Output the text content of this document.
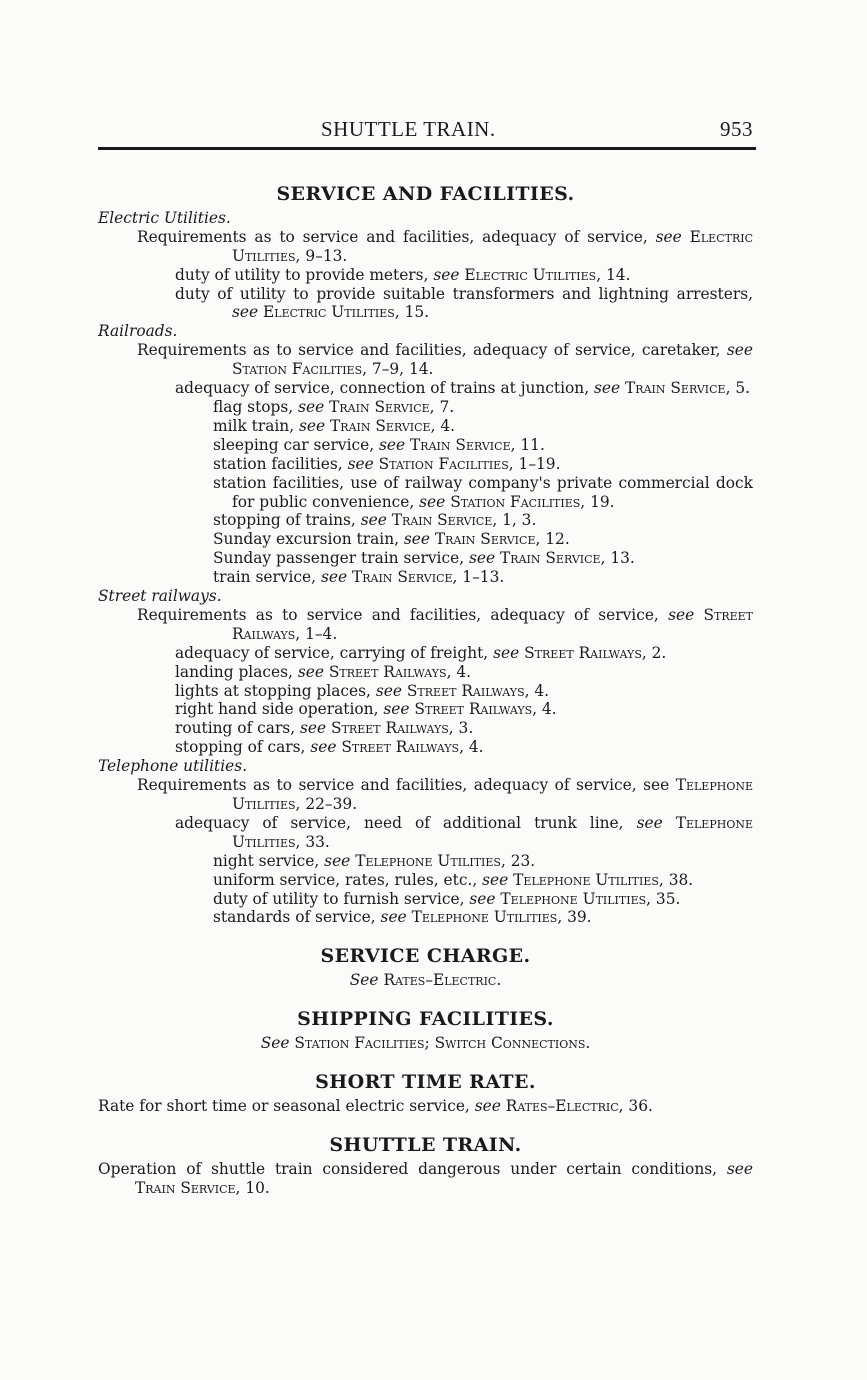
SHUTTLE TRAIN.	953
SERVICE AND FACILITIES.
Electric Utilities.
Requirements as to service and facilities, adequacy of service, see Electric Utilities, 9–13.
duty of utility to provide meters, see Electric Utilities, 14.
duty of utility to provide suitable transformers and lightning arresters, see Electric Utilities, 15.
Railroads.
Requirements as to service and facilities, adequacy of service, caretaker, see Station Facilities, 7–9, 14.
adequacy of service, connection of trains at junction, see Train Service, 5.
flag stops, see Train Service, 7.
milk train, see Train Service, 4.
sleeping car service, see Train Service, 11.
station facilities, see Station Facilities, 1–19.
station facilities, use of railway company's private commercial dock for public convenience, see Station Facilities, 19.
stopping of trains, see Train Service, 1, 3.
Sunday excursion train, see Train Service, 12.
Sunday passenger train service, see Train Service, 13.
train service, see Train Service, 1–13.
Street railways.
Requirements as to service and facilities, adequacy of service, see Street Railways, 1–4.
adequacy of service, carrying of freight, see Street Railways, 2.
landing places, see Street Railways, 4.
lights at stopping places, see Street Railways, 4.
right hand side operation, see Street Railways, 4.
routing of cars, see Street Railways, 3.
stopping of cars, see Street Railways, 4.
Telephone utilities.
Requirements as to service and facilities, adequacy of service, see Telephone Utilities, 22–39.
adequacy of service, need of additional trunk line, see Telephone Utilities, 33.
night service, see Telephone Utilities, 23.
uniform service, rates, rules, etc., see Telephone Utilities, 38.
duty of utility to furnish service, see Telephone Utilities, 35.
standards of service, see Telephone Utilities, 39.
SERVICE CHARGE.
See Rates–Electric.
SHIPPING FACILITIES.
See Station Facilities; Switch Connections.
SHORT TIME RATE.
Rate for short time or seasonal electric service, see Rates–Electric, 36.
SHUTTLE TRAIN.
Operation of shuttle train considered dangerous under certain conditions, see Train Service, 10.
